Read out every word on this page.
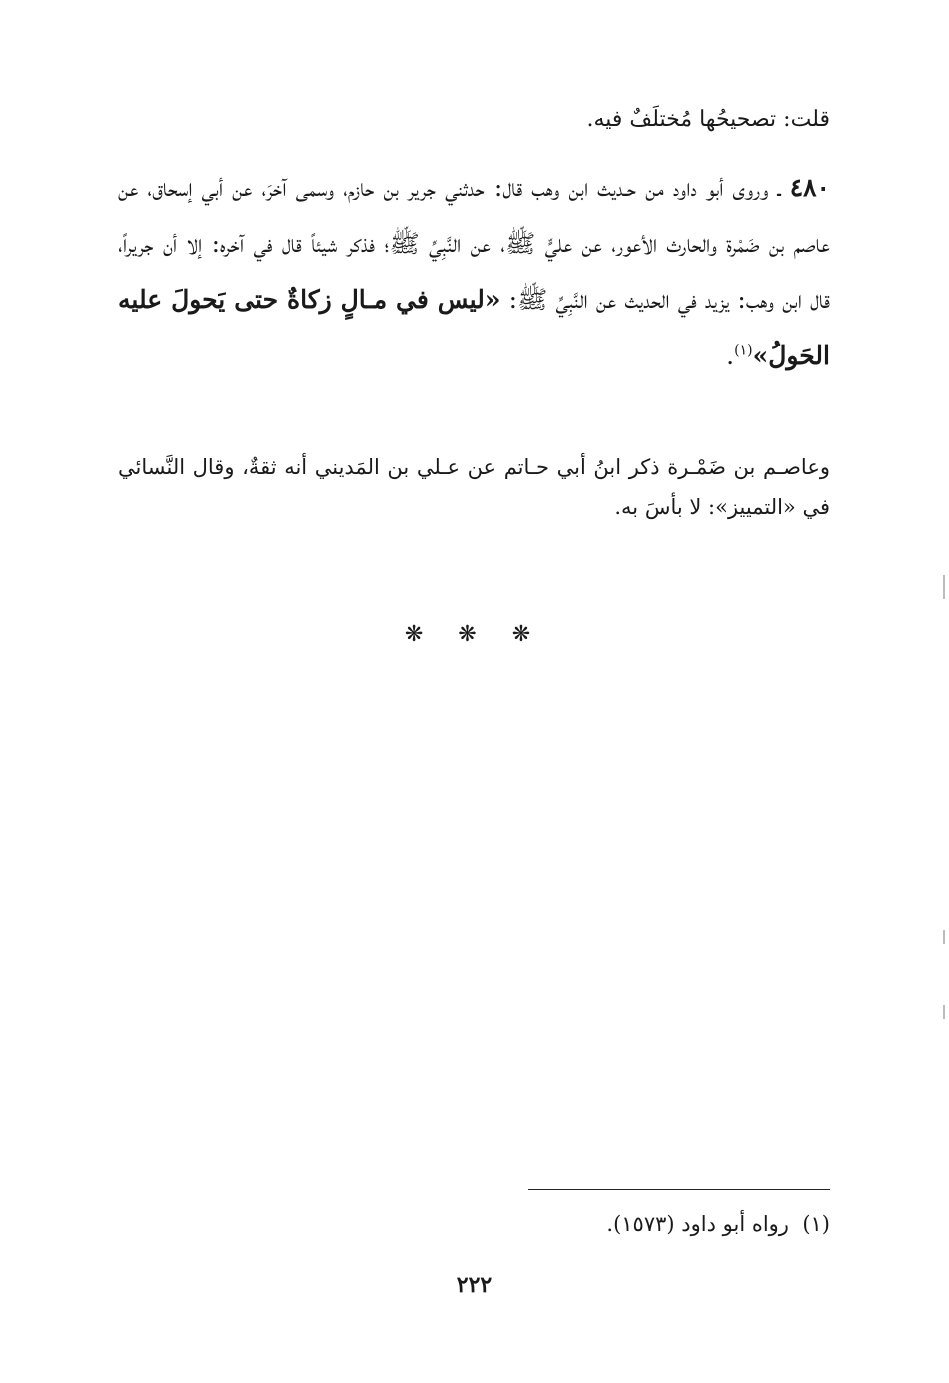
قلت: تصحيحُها مُختلَفٌ فيه.

٤٨٠ ـ وروى أبو داود من حـديث ابن وهب قال: حدثني جرير بن حازم، وسمى آخرَ، عن أبي إسحاق، عن عاصم بن ضَمْرة والحارث الأعور، عن عليٍّ ﷺ، عن النَّبِيِّ ﷺ؛ فذكر شيئاً قال في آخره: إلا أن جريراً، قال ابن وهب: يزيد في الحديث عن النَّبِيِّ ﷺ: «ليس في مـالٍ زكاةٌ حتى يَحولَ عليه الحَولُ»$^{(١)}$.

وعاصـم بن ضَمْـرة ذكر ابنُ أبي حـاتم عن عـلي بن المَديني أنه ثقةٌ، وقال النَّسائي في «التمييز»: لا بأسَ به.

❋ ❋ ❋
(١)  رواه أبو داود (١٥٧٣).
٢٢٢
